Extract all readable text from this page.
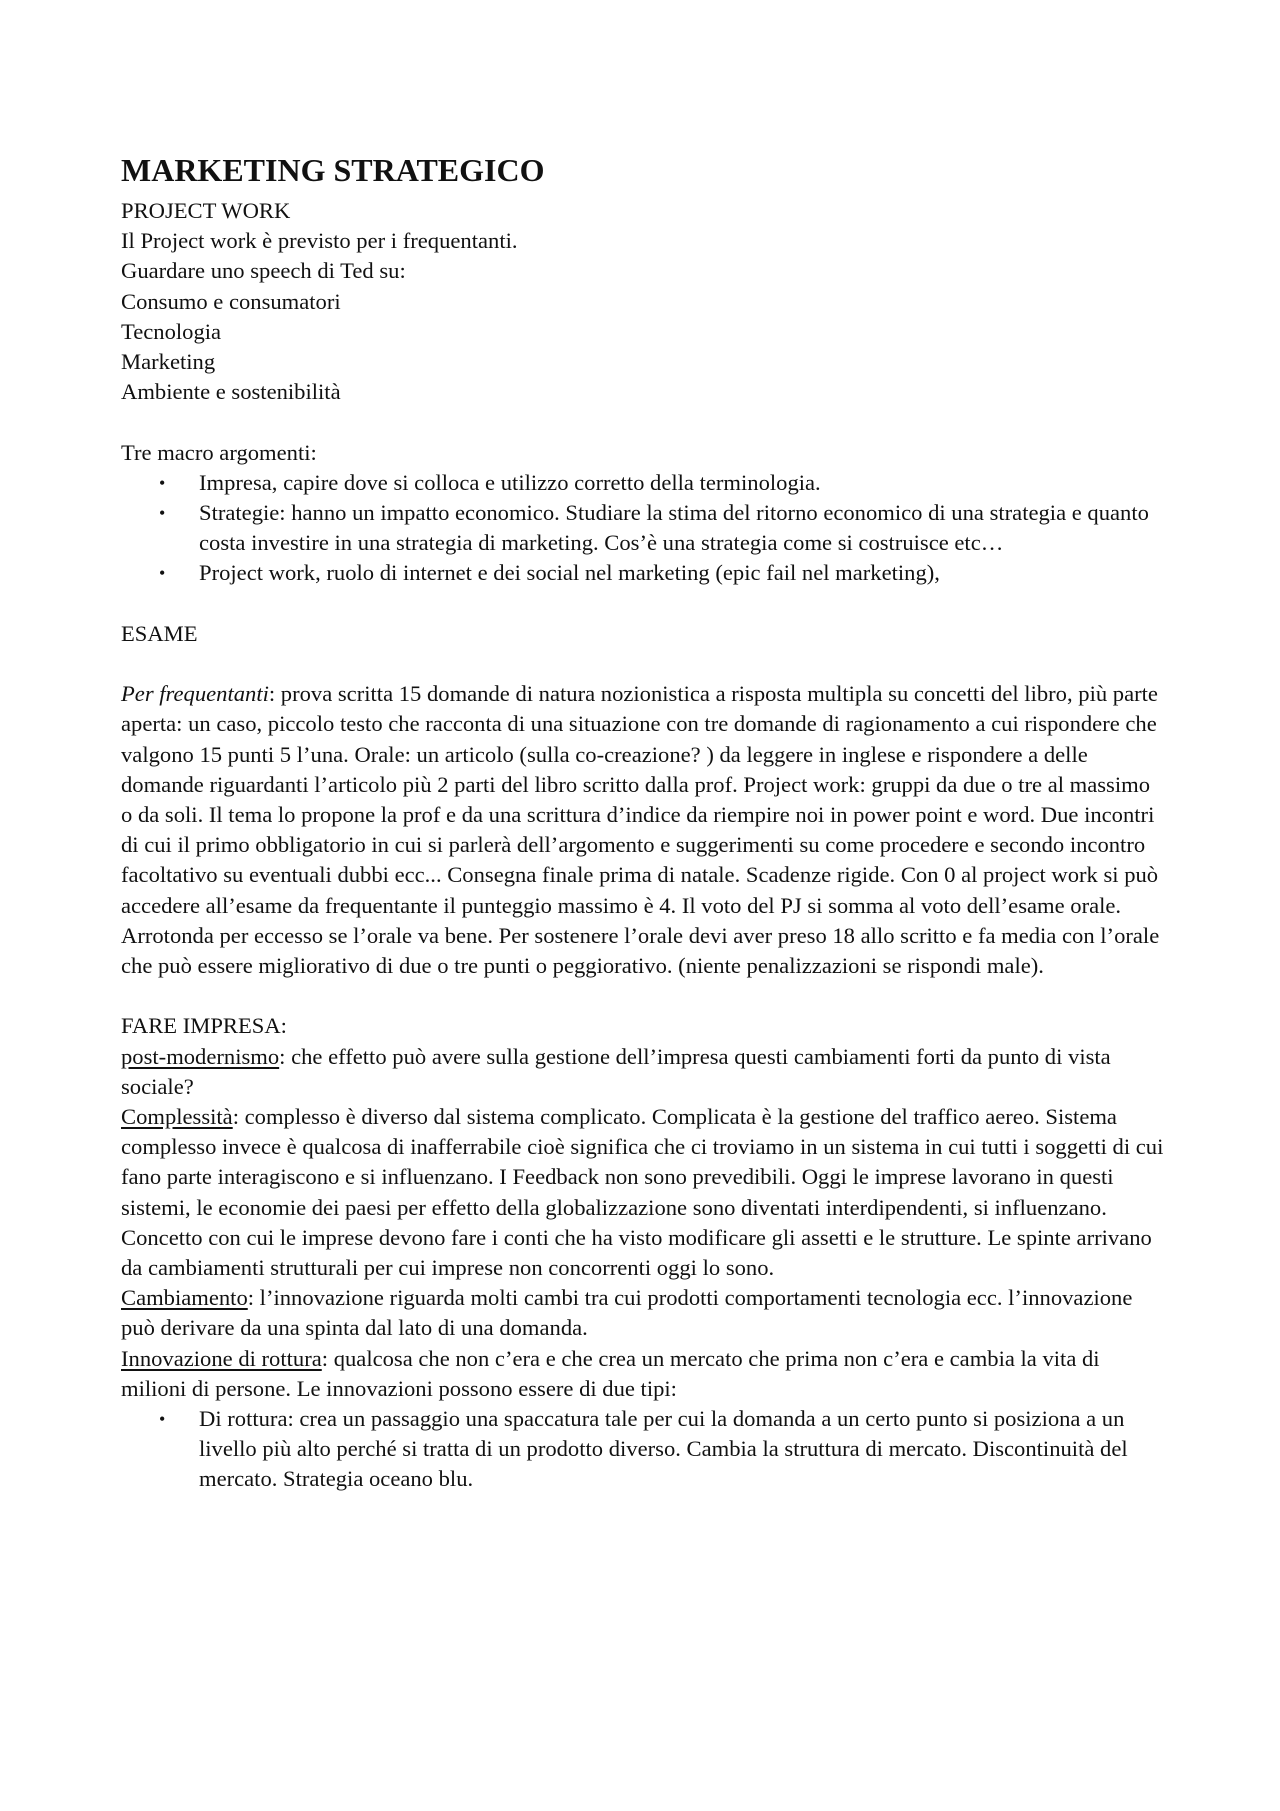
MARKETING STRATEGICO

PROJECT WORK

Il Project work è previsto per i frequentanti.

Guardare uno speech di Ted su:

Consumo e consumatori

Tecnologia

Marketing

Ambiente e sostenibilità

Tre macro argomenti:

• Impresa, capire dove si colloca e utilizzo corretto della terminologia.
• Strategie: hanno un impatto economico. Studiare la stima del ritorno economico di una strategia e quanto costa investire in una strategia di marketing. Cos’è una strategia come si costruisce etc…
• Project work, ruolo di internet e dei social nel marketing (epic fail nel marketing),

ESAME

Per frequentanti: prova scritta 15 domande di natura nozionistica a risposta multipla su concetti del libro, più parte aperta: un caso, piccolo testo che racconta di una situazione con tre domande di ragionamento a cui rispondere che valgono 15 punti 5 l’una. Orale: un articolo (sulla co-creazione? ) da leggere in inglese e rispondere a delle domande riguardanti l’articolo più 2 parti del libro scritto dalla prof. Project work: gruppi da due o tre al massimo o da soli. Il tema lo propone la prof e da una scrittura d’indice da riempire noi in power point e word. Due incontri di cui il primo obbligatorio in cui si parlerà dell’argomento e suggerimenti su come procedere e secondo incontro facoltativo su eventuali dubbi ecc... Consegna finale prima di natale. Scadenze rigide. Con 0 al project work si può accedere all’esame da frequentante il punteggio massimo è 4. Il voto del PJ si somma al voto dell’esame orale. Arrotonda per eccesso se l’orale va bene. Per sostenere l’orale devi aver preso 18 allo scritto e fa media con l’orale che può essere migliorativo di due o tre punti o peggiorativo. (niente penalizzazioni se rispondi male).

FARE IMPRESA:

post-modernismo: che effetto può avere sulla gestione dell’impresa questi cambiamenti forti da punto di vista sociale?

Complessità: complesso è diverso dal sistema complicato. Complicata è la gestione del traffico aereo. Sistema complesso invece è qualcosa di inafferrabile cioè significa che ci troviamo in un sistema in cui tutti i soggetti di cui fano parte interagiscono e si influenzano. I Feedback non sono prevedibili. Oggi le imprese lavorano in questi sistemi, le economie dei paesi per effetto della globalizzazione sono diventati interdipendenti, si influenzano. Concetto con cui le imprese devono fare i conti che ha visto modificare gli assetti e le strutture. Le spinte arrivano da cambiamenti strutturali per cui imprese non concorrenti oggi lo sono.

Cambiamento: l’innovazione riguarda molti cambi tra cui prodotti comportamenti tecnologia ecc. l’innovazione può derivare da una spinta dal lato di una domanda.

Innovazione di rottura: qualcosa che non c’era e che crea un mercato che prima non c’era e cambia la vita di milioni di persone. Le innovazioni possono essere di due tipi:

• Di rottura: crea un passaggio una spaccatura tale per cui la domanda a un certo punto si posiziona a un livello più alto perché si tratta di un prodotto diverso. Cambia la struttura di mercato. Discontinuità del mercato. Strategia oceano blu.
